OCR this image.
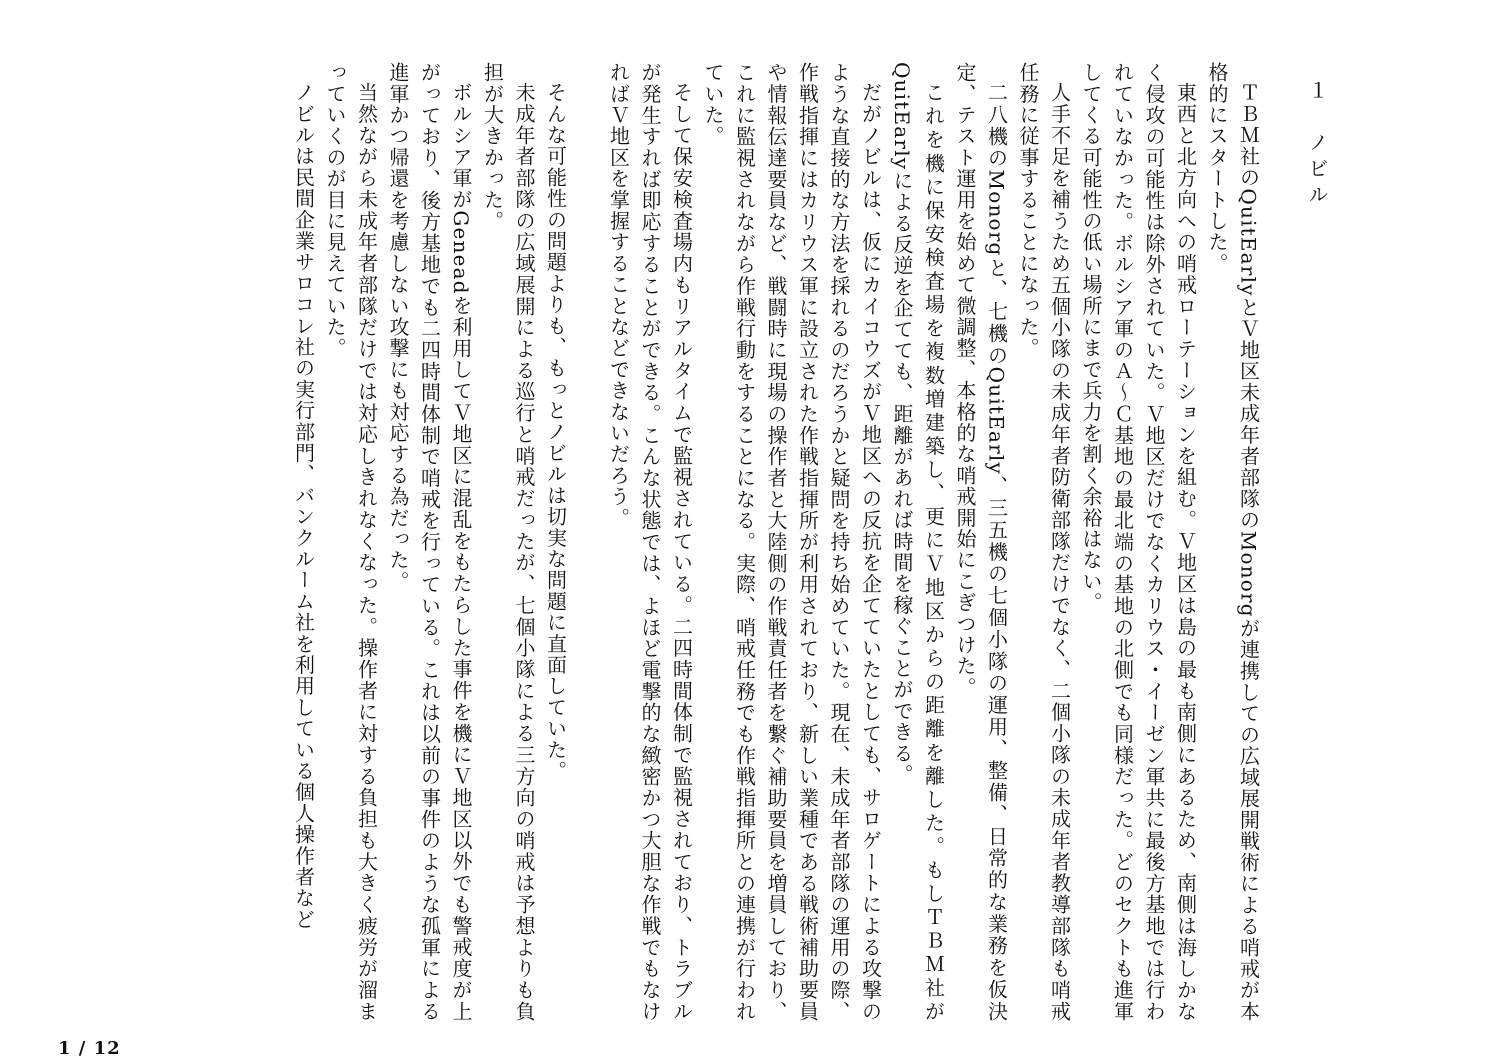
１　ノビル

ＴＢＭ社のQuitEarlyとＶ地区未成年者部隊のMonorgが連携しての広域展開戦術による哨戒が本格的にスタートした。

東西と北方向への哨戒ローテーションを組む。Ｖ地区は島の最も南側にあるため、南側は海しかなく侵攻の可能性は除外されていた。Ｖ地区だけでなくカリウス・イーゼン軍共に最後方基地では行われていなかった。ボルシア軍のＡ～Ｃ基地の最北端の基地の北側でも同様だった。どのセクトも進軍してくる可能性の低い場所にまで兵力を割く余裕はない。

人手不足を補うため五個小隊の未成年者防衛部隊だけでなく、二個小隊の未成年者教導部隊も哨戒任務に従事することになった。

二八機のMonorgと、七機のQuitEarly、三五機の七個小隊の運用、整備、日常的な業務を仮決定、テスト運用を始めて微調整、本格的な哨戒開始にこぎつけた。

これを機に保安検査場を複数増建築し、更にＶ地区からの距離を離した。もしＴＢＭ社がQuitEarlyによる反逆を企てても、距離があれば時間を稼ぐことができる。

だがノビルは、仮にカイコウズがＶ地区への反抗を企てていたとしても、サロゲートによる攻撃のような直接的な方法を採れるのだろうかと疑問を持ち始めていた。現在、未成年者部隊の運用の際、作戦指揮にはカリウス軍に設立された作戦指揮所が利用されており、新しい業種である戦術補助要員や情報伝達要員など、戦闘時に現場の操作者と大陸側の作戦責任者を繋ぐ補助要員を増員しており、これに監視されながら作戦行動をすることになる。実際、哨戒任務でも作戦指揮所との連携が行われていた。

そして保安検査場内もリアルタイムで監視されている。二四時間体制で監視されており、トラブルが発生すれば即応することができる。こんな状態では、よほど電撃的な緻密かつ大胆な作戦でもなければＶ地区を掌握することなどできないだろう。

そんな可能性の問題よりも、もっとノビルは切実な問題に直面していた。

未成年者部隊の広域展開による巡行と哨戒だったが、七個小隊による三方向の哨戒は予想よりも負担が大きかった。

ボルシア軍がGeneadを利用してＶ地区に混乱をもたらした事件を機にＶ地区以外でも警戒度が上がっており、後方基地でも二四時間体制で哨戒を行っている。これは以前の事件のような孤軍による進軍かつ帰還を考慮しない攻撃にも対応する為だった。

当然ながら未成年者部隊だけでは対応しきれなくなった。操作者に対する負担も大きく疲労が溜まっていくのが目に見えていた。

ノビルは民間企業サロコレ社の実行部門、バンクルーム社を利用している個人操作者など

1 / 12
